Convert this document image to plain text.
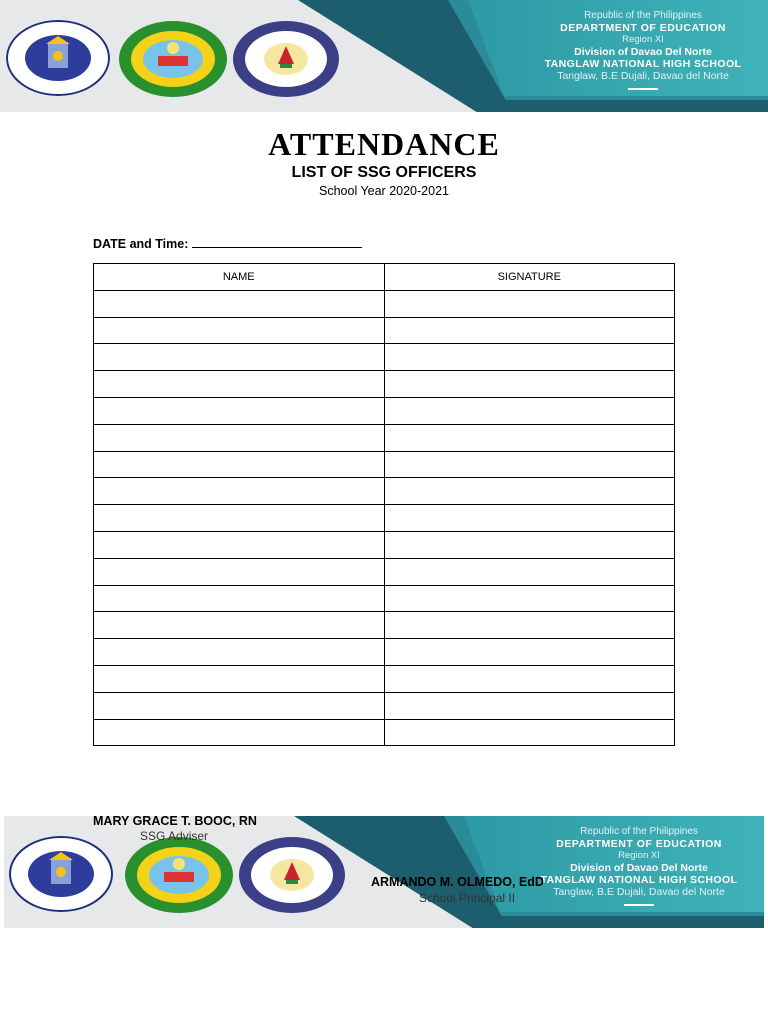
Republic of the Philippines
DEPARTMENT OF EDUCATION
Region XI
Division of Davao Del Norte
TANGLAW NATIONAL HIGH SCHOOL
Tanglaw, B.E Dujali, Davao del Norte
ATTENDANCE
LIST OF SSG OFFICERS
School Year 2020-2021
DATE and Time:
NAME	SIGNATURE

Republic of the Philippines
DEPARTMENT OF EDUCATION
Region XI
Division of Davao Del Norte
TANGLAW NATIONAL HIGH SCHOOL
Tanglaw, B.E Dujali, Davao del Norte
MARY GRACE T. BOOC, RN
SSG Adviser
ARMANDO M. OLMEDO, EdD
School Principal II
